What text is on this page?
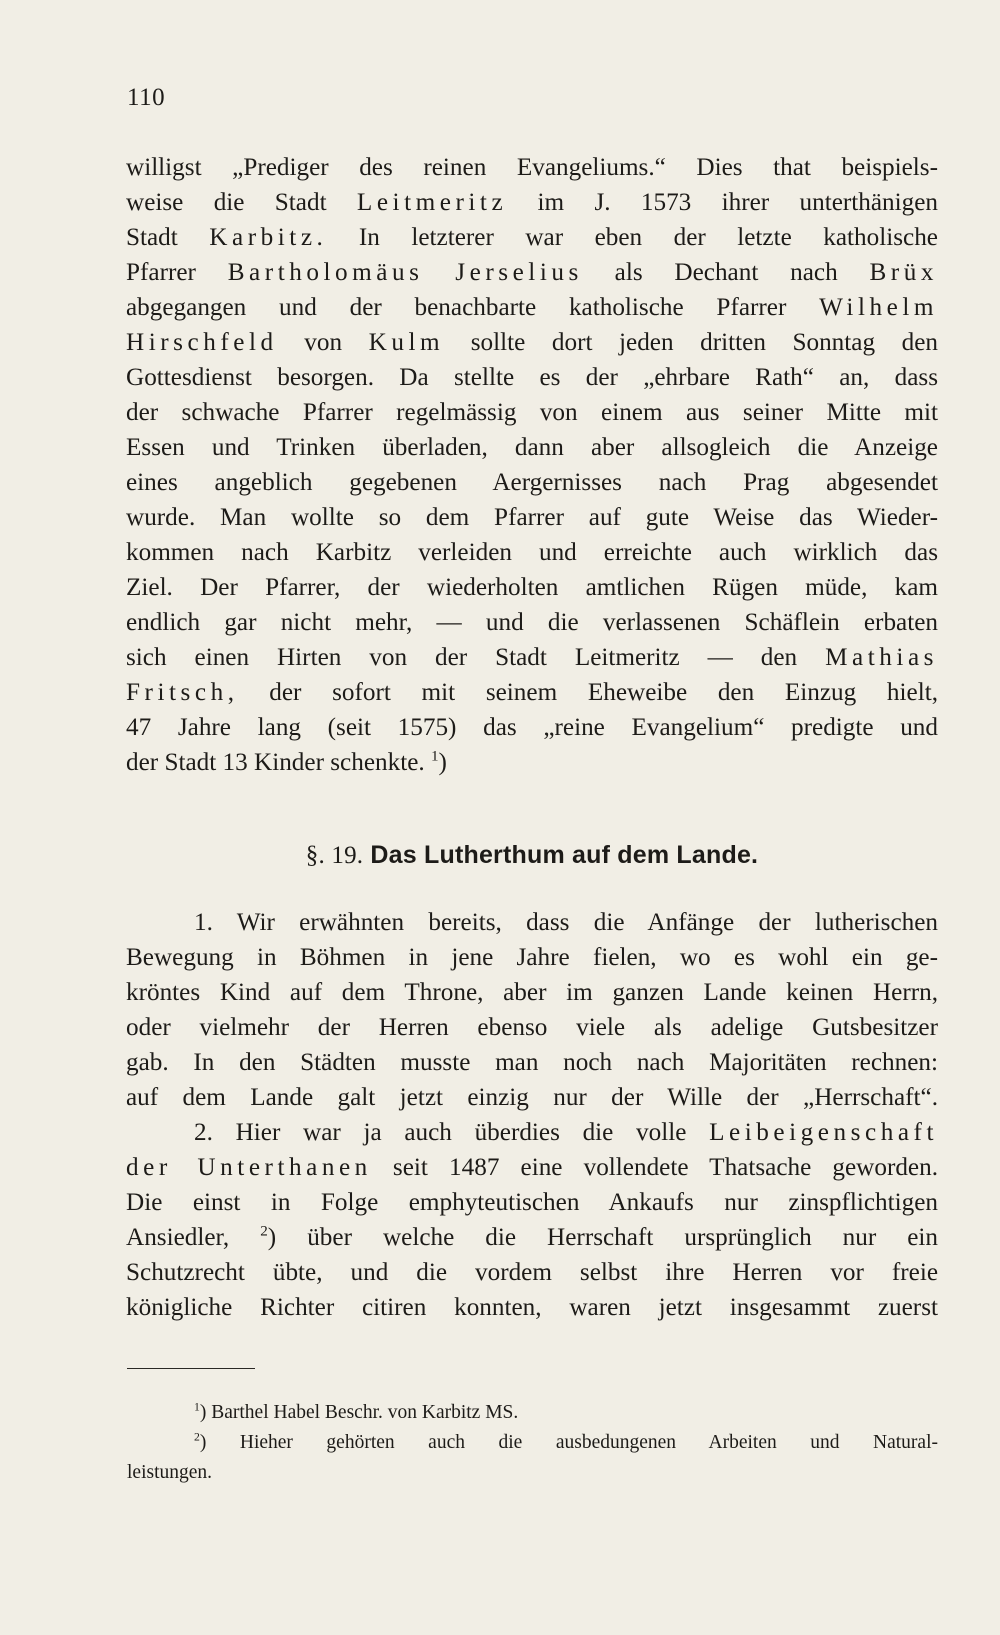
110
willigst „Prediger des reinen Evangeliums.“ Dies that beispiels-
weise die Stadt Leitmeritz im J. 1573 ihrer unterthänigen
Stadt Karbitz. In letzterer war eben der letzte katholische
Pfarrer Bartholomäus Jerselius als Dechant nach Brüx
abgegangen und der benachbarte katholische Pfarrer Wilhelm
Hirschfeld von Kulm sollte dort jeden dritten Sonntag den
Gottesdienst besorgen. Da stellte es der „ehrbare Rath“ an, dass
der schwache Pfarrer regelmässig von einem aus seiner Mitte mit
Essen und Trinken überladen, dann aber allsogleich die Anzeige
eines angeblich gegebenen Aergernisses nach Prag abgesendet
wurde. Man wollte so dem Pfarrer auf gute Weise das Wieder-
kommen nach Karbitz verleiden und erreichte auch wirklich das
Ziel. Der Pfarrer, der wiederholten amtlichen Rügen müde, kam
endlich gar nicht mehr, — und die verlassenen Schäflein erbaten
sich einen Hirten von der Stadt Leitmeritz — den Mathias
Fritsch, der sofort mit seinem Eheweibe den Einzug hielt,
47 Jahre lang (seit 1575) das „reine Evangelium“ predigte und
der Stadt 13 Kinder schenkte. $^1$)
§. 19. Das Lutherthum auf dem Lande.
1. Wir erwähnten bereits, dass die Anfänge der lutherischen
Bewegung in Böhmen in jene Jahre fielen, wo es wohl ein ge-
kröntes Kind auf dem Throne, aber im ganzen Lande keinen Herrn,
oder vielmehr der Herren ebenso viele als adelige Gutsbesitzer
gab. In den Städten musste man noch nach Majoritäten rechnen:
auf dem Lande galt jetzt einzig nur der Wille der „Herrschaft“.
2. Hier war ja auch überdies die volle Leibeigenschaft
der Unterthanen seit 1487 eine vollendete Thatsache geworden.
Die einst in Folge emphyteutischen Ankaufs nur zinspflichtigen
Ansiedler, $^2$) über welche die Herrschaft ursprünglich nur ein
Schutzrecht übte, und die vordem selbst ihre Herren vor freie
königliche Richter citiren konnten, waren jetzt insgesammt zuerst
$^1$) Barthel Habel Beschr. von Karbitz MS.
$^2$) Hieher gehörten auch die ausbedungenen Arbeiten und Natural-
leistungen.
